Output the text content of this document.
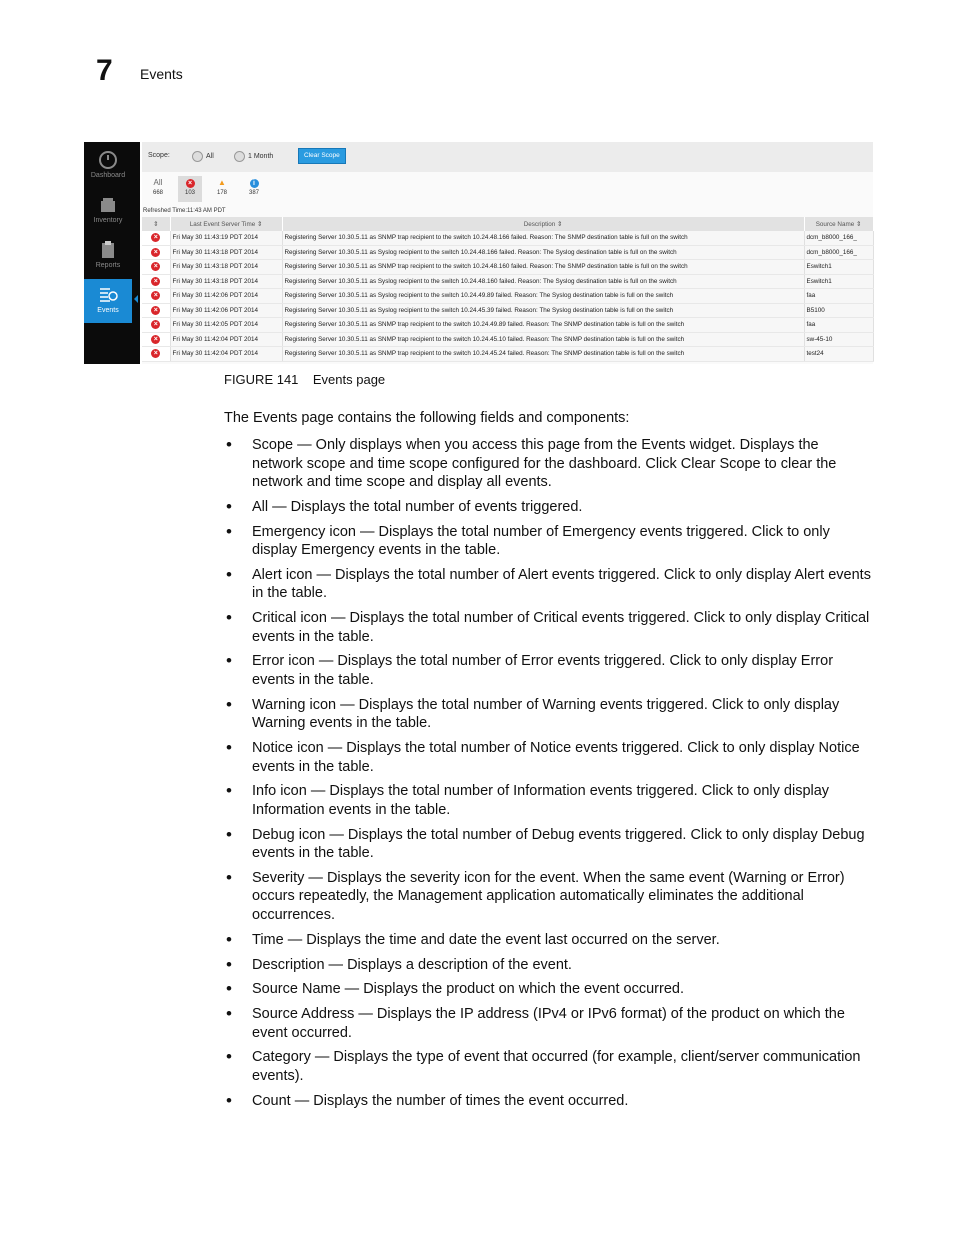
7 Events
Dashboard
Inventory
Reports
Events
Scope:	All	1 Month	Clear Scope
All
668
×
103
▲
178
i
387
Refreshed Time:11:43 AM PDT
⇕	Last Event Server Time ⇕	Description ⇕	Source Name ⇕
×	Fri May 30 11:43:19 PDT 2014	Registering Server 10.30.5.11 as SNMP trap recipient to the switch 10.24.48.166 failed. Reason: The SNMP destination table is full on the switch	dcm_b8000_166_
×	Fri May 30 11:43:18 PDT 2014	Registering Server 10.30.5.11 as Syslog recipient to the switch 10.24.48.166 failed. Reason: The Syslog destination table is full on the switch	dcm_b8000_166_
×	Fri May 30 11:43:18 PDT 2014	Registering Server 10.30.5.11 as SNMP trap recipient to the switch 10.24.48.160 failed. Reason: The SNMP destination table is full on the switch	Eswitch1
×	Fri May 30 11:43:18 PDT 2014	Registering Server 10.30.5.11 as Syslog recipient to the switch 10.24.48.160 failed. Reason: The Syslog destination table is full on the switch	Eswitch1
×	Fri May 30 11:42:06 PDT 2014	Registering Server 10.30.5.11 as Syslog recipient to the switch 10.24.49.89 failed. Reason: The Syslog destination table is full on the switch	faa
×	Fri May 30 11:42:06 PDT 2014	Registering Server 10.30.5.11 as Syslog recipient to the switch 10.24.45.39 failed. Reason: The Syslog destination table is full on the switch	B5100
×	Fri May 30 11:42:05 PDT 2014	Registering Server 10.30.5.11 as SNMP trap recipient to the switch 10.24.49.89 failed. Reason: The SNMP destination table is full on the switch	faa
×	Fri May 30 11:42:04 PDT 2014	Registering Server 10.30.5.11 as SNMP trap recipient to the switch 10.24.45.10 failed. Reason: The SNMP destination table is full on the switch	sw-45-10
×	Fri May 30 11:42:04 PDT 2014	Registering Server 10.30.5.11 as SNMP trap recipient to the switch 10.24.45.24 failed. Reason: The SNMP destination table is full on the switch	test24
FIGURE 141 Events page
The Events page contains the following fields and components:
• Scope — Only displays when you access this page from the Events widget. Displays the network scope and time scope configured for the dashboard. Click Clear Scope to clear the network and time scope and display all events.
• All — Displays the total number of events triggered.
• Emergency icon — Displays the total number of Emergency events triggered. Click to only display Emergency events in the table.
• Alert icon — Displays the total number of Alert events triggered. Click to only display Alert events in the table.
• Critical icon — Displays the total number of Critical events triggered. Click to only display Critical events in the table.
• Error icon — Displays the total number of Error events triggered. Click to only display Error events in the table.
• Warning icon — Displays the total number of Warning events triggered. Click to only display Warning events in the table.
• Notice icon — Displays the total number of Notice events triggered. Click to only display Notice events in the table.
• Info icon — Displays the total number of Information events triggered. Click to only display Information events in the table.
• Debug icon — Displays the total number of Debug events triggered. Click to only display Debug events in the table.
• Severity — Displays the severity icon for the event. When the same event (Warning or Error) occurs repeatedly, the Management application automatically eliminates the additional occurrences.
• Time — Displays the time and date the event last occurred on the server.
• Description — Displays a description of the event.
• Source Name — Displays the product on which the event occurred.
• Source Address — Displays the IP address (IPv4 or IPv6 format) of the product on which the event occurred.
• Category — Displays the type of event that occurred (for example, client/server communication events).
• Count — Displays the number of times the event occurred.
